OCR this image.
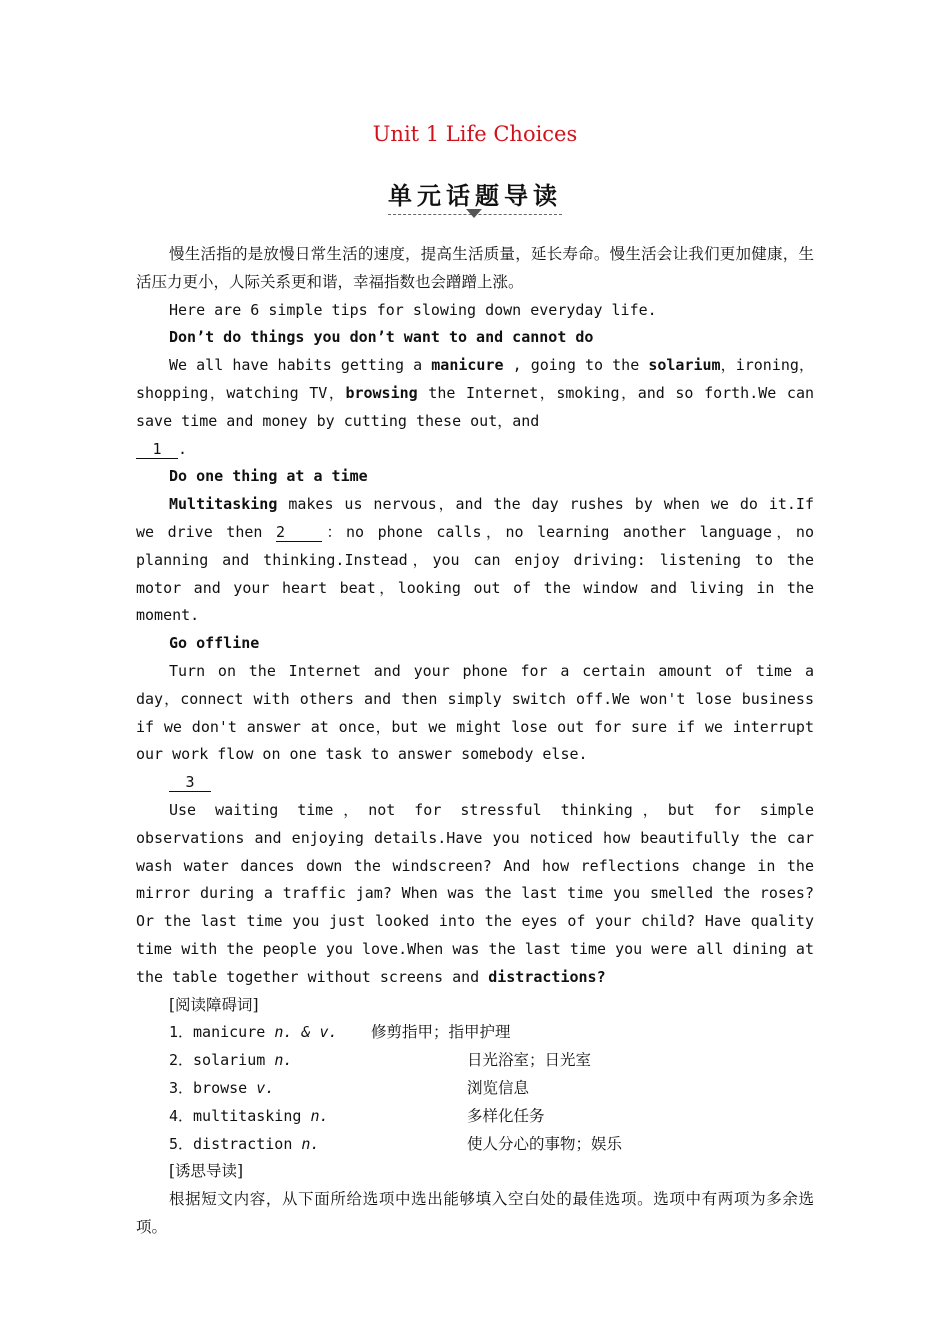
Unit 1 Life Choices
单元话题导读

慢生活指的是放慢日常生活的速度，提高生活质量，延长寿命。慢生活会让我们更加健康，生活压力更小，人际关系更和谐，幸福指数也会蹭蹭上涨。

Here are 6 simple tips for slowing down everyday life.

Don’t do things you don’t want to and cannot do

We all have habits getting a manicure , going to the solarium，ironing，shopping，watching TV，browsing the Internet，smoking，and so forth.We can save time and money by cutting these out，and

1 .

Do one thing at a time

Multitasking makes us nervous，and the day rushes by when we do it.If we drive then 2 ：no phone calls，no learning another language，no planning and thinking.Instead，you can enjoy driving: listening to the motor and your heart beat，looking out of the window and living in the moment.

Go offline

Turn on the Internet and your phone for a certain amount of time a day，connect with others and then simply switch off.We won't lose business if we don't answer at once，but we might lose out for sure if we interrupt our work flow on one task to answer somebody else.

3

Use waiting time，not for stressful thinking，but for simple observations and enjoying details.Have you noticed how beautifully the car wash water dances down the windscreen? And how reflections change in the mirror during a traffic jam? When was the last time you smelled the roses? Or the last time you just looked into the eyes of your child? Have quality time with the people you love.When was the last time you were all dining at the table together without screens and distractions?

[阅读障碍词]

1．manicure n. & v. 修剪指甲；指甲护理
2．solarium n.	日光浴室；日光室
3．browse v.	浏览信息
4．multitasking n.	多样化任务
5．distraction n.	使人分心的事物；娱乐

[诱思导读]

根据短文内容，从下面所给选项中选出能够填入空白处的最佳选项。选项中有两项为多余选项。
